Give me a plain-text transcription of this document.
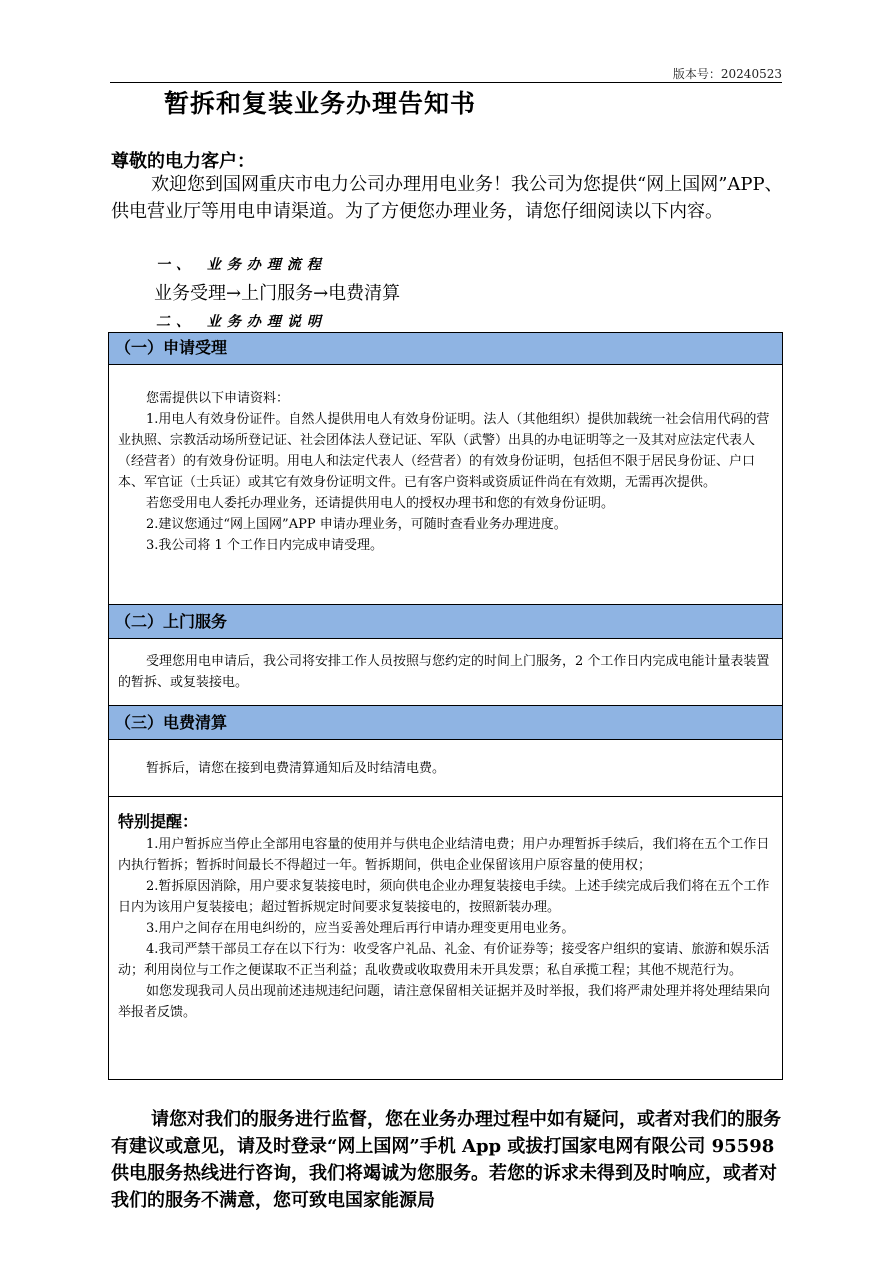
版本号：20240523
暂拆和复装业务办理告知书
尊敬的电力客户：
欢迎您到国网重庆市电力公司办理用电业务！我公司为您提供“网上国网”APP、供电营业厅等用电申请渠道。为了方便您办理业务，请您仔细阅读以下内容。
一、 业务办理流程
业务受理→上门服务→电费清算
二、 业务办理说明
（一）申请受理

您需提供以下申请资料：

1.用电人有效身份证件。自然人提供用电人有效身份证明。法人（其他组织）提供加载统一社会信用代码的营业执照、宗教活动场所登记证、社会团体法人登记证、军队（武警）出具的办电证明等之一及其对应法定代表人（经营者）的有效身份证明。用电人和法定代表人（经营者）的有效身份证明，包括但不限于居民身份证、户口本、军官证（士兵证）或其它有效身份证明文件。已有客户资料或资质证件尚在有效期，无需再次提供。

若您受用电人委托办理业务，还请提供用电人的授权办理书和您的有效身份证明。

2.建议您通过“网上国网”APP 申请办理业务，可随时查看业务办理进度。

3.我公司将 1 个工作日内完成申请受理。

（二）上门服务

受理您用电申请后，我公司将安排工作人员按照与您约定的时间上门服务，2 个工作日内完成电能计量表装置的暂拆、或复装接电。

（三）电费清算

暂拆后，请您在接到电费清算通知后及时结清电费。

特别提醒：

1.用户暂拆应当停止全部用电容量的使用并与供电企业结清电费；用户办理暂拆手续后，我们将在五个工作日内执行暂拆；暂拆时间最长不得超过一年。暂拆期间，供电企业保留该用户原容量的使用权；

2.暂拆原因消除，用户要求复装接电时，须向供电企业办理复装接电手续。上述手续完成后我们将在五个工作日内为该用户复装接电；超过暂拆规定时间要求复装接电的，按照新装办理。

3.用户之间存在用电纠纷的，应当妥善处理后再行申请办理变更用电业务。

4.我司严禁干部员工存在以下行为：收受客户礼品、礼金、有价证券等；接受客户组织的宴请、旅游和娱乐活动；利用岗位与工作之便谋取不正当利益；乱收费或收取费用未开具发票；私自承揽工程；其他不规范行为。

如您发现我司人员出现前述违规违纪问题，请注意保留相关证据并及时举报，我们将严肃处理并将处理结果向举报者反馈。

请您对我们的服务进行监督，您在业务办理过程中如有疑问，或者对我们的服务有建议或意见，请及时登录“网上国网”手机 App 或拔打国家电网有限公司 95598 供电服务热线进行咨询，我们将竭诚为您服务。若您的诉求未得到及时响应，或者对我们的服务不满意，您可致电国家能源局
